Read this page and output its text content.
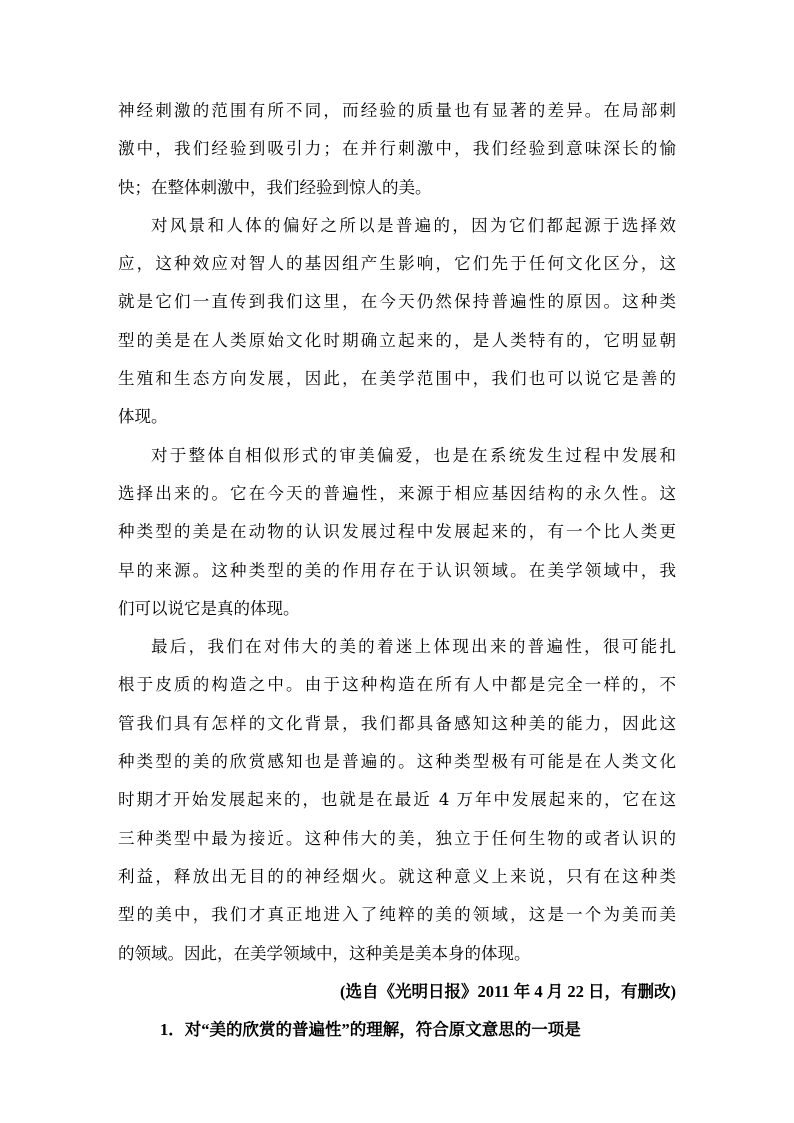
神经刺激的范围有所不同，而经验的质量也有显著的差异。在局部刺
激中，我们经验到吸引力；在并行刺激中，我们经验到意味深长的愉
快；在整体刺激中，我们经验到惊人的美。
对风景和人体的偏好之所以是普遍的，因为它们都起源于选择效
应，这种效应对智人的基因组产生影响，它们先于任何文化区分，这
就是它们一直传到我们这里，在今天仍然保持普遍性的原因。这种类
型的美是在人类原始文化时期确立起来的，是人类特有的，它明显朝
生殖和生态方向发展，因此，在美学范围中，我们也可以说它是善的
体现。
对于整体自相似形式的审美偏爱，也是在系统发生过程中发展和
选择出来的。它在今天的普遍性，来源于相应基因结构的永久性。这
种类型的美是在动物的认识发展过程中发展起来的，有一个比人类更
早的来源。这种类型的美的作用存在于认识领域。在美学领域中，我
们可以说它是真的体现。
最后，我们在对伟大的美的着迷上体现出来的普遍性，很可能扎
根于皮质的构造之中。由于这种构造在所有人中都是完全一样的，不
管我们具有怎样的文化背景，我们都具备感知这种美的能力，因此这
种类型的美的欣赏感知也是普遍的。这种类型极有可能是在人类文化
时期才开始发展起来的，也就是在最近 4 万年中发展起来的，它在这
三种类型中最为接近。这种伟大的美，独立于任何生物的或者认识的
利益，释放出无目的的神经烟火。就这种意义上来说，只有在这种类
型的美中，我们才真正地进入了纯粹的美的领域，这是一个为美而美
的领域。因此，在美学领域中，这种美是美本身的体现。
(选自《光明日报》2011 年 4 月 22 日，有删改)
1．对“美的欣赏的普遍性”的理解，符合原文意思的一项是
